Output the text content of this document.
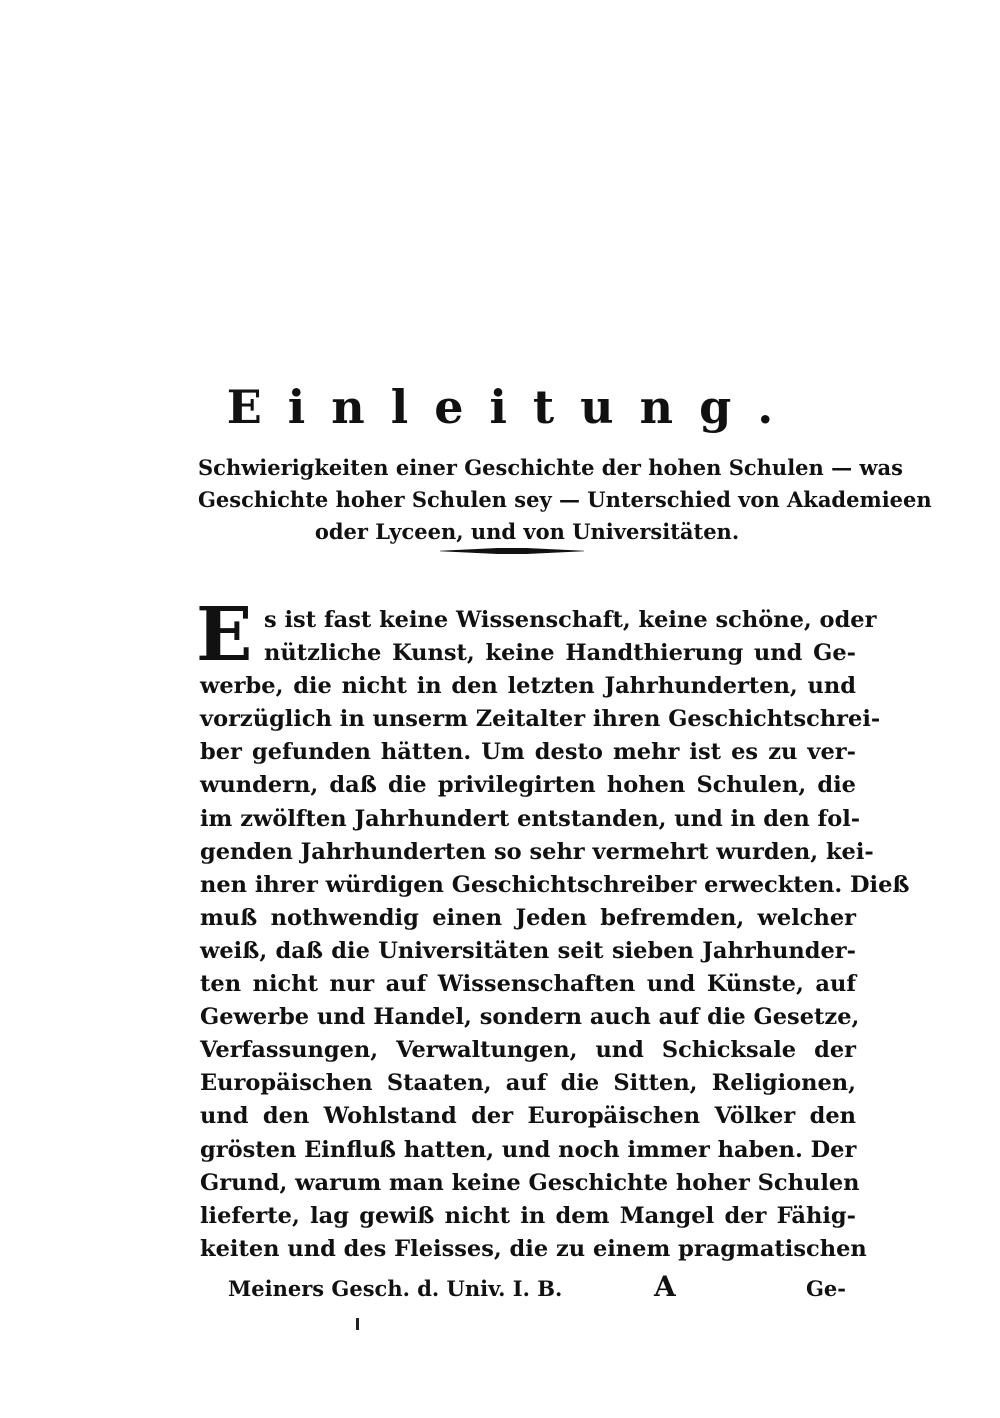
Einleitung.
Schwierigkeiten einer Geschichte der hohen Schulen — was
Geschichte hoher Schulen sey — Unterschied von Akademieen
oder Lyceen, und von Universitäten.
E s ist fast keine Wissenschaft, keine schöne, oder
nützliche Kunst, keine Handthierung und Ge-
werbe, die nicht in den letzten Jahrhunderten, und
vorzüglich in unserm Zeitalter ihren Geschichtschrei-
ber gefunden hätten. Um desto mehr ist es zu ver-
wundern, daß die privilegirten hohen Schulen, die
im zwölften Jahrhundert entstanden, und in den fol-
genden Jahrhunderten so sehr vermehrt wurden, kei-
nen ihrer würdigen Geschichtschreiber erweckten. Dieß
muß nothwendig einen Jeden befremden, welcher
weiß, daß die Universitäten seit sieben Jahrhunder-
ten nicht nur auf Wissenschaften und Künste, auf
Gewerbe und Handel, sondern auch auf die Gesetze,
Verfassungen, Verwaltungen, und Schicksale der
Europäischen Staaten, auf die Sitten, Religionen,
und den Wohlstand der Europäischen Völker den
grösten Einfluß hatten, und noch immer haben. Der
Grund, warum man keine Geschichte hoher Schulen
lieferte, lag gewiß nicht in dem Mangel der Fähig-
keiten und des Fleisses, die zu einem pragmatischen
Meiners Gesch. d. Univ. I. B.	A	Ge-
